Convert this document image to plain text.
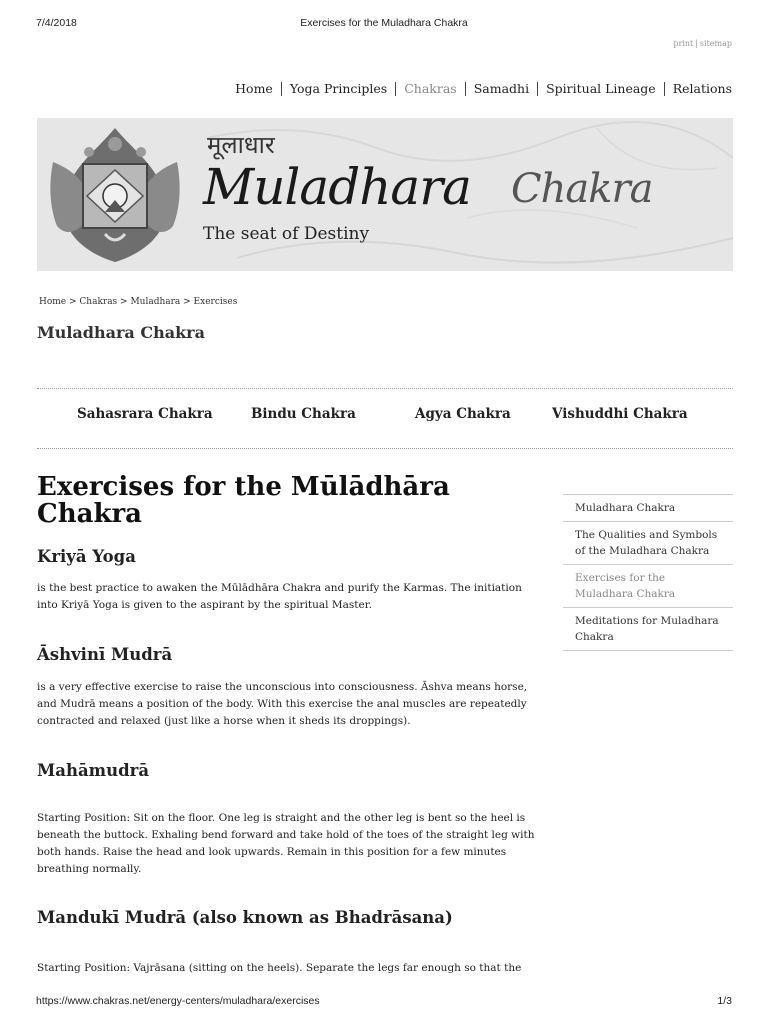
7/4/2018	Exercises for the Muladhara Chakra
print | sitemap
Home	Yoga Principles	Chakras	Samadhi	Spiritual Lineage	Relations
मूलाधार
Muladhara Chakra
The seat of Destiny
Home > Chakras > Muladhara > Exercises
Muladhara Chakra
Sahasrara Chakra	Bindu Chakra	Agya Chakra	Vishuddhi Chakra
Exercises for the Mūlādhāra Chakra
Kriyā Yoga

is the best practice to awaken the Mūlādhāra Chakra and purify the Karmas. The initiation into Kriyā Yoga is given to the aspirant by the spiritual Master.

Āshvinī Mudrā

is a very effective exercise to raise the unconscious into consciousness. Āshva means horse, and Mudrā means a position of the body. With this exercise the anal muscles are repeatedly contracted and relaxed (just like a horse when it sheds its droppings).

Mahāmudrā

Starting Position: Sit on the floor. One leg is straight and the other leg is bent so the heel is beneath the buttock. Exhaling bend forward and take hold of the toes of the straight leg with both hands. Raise the head and look upwards. Remain in this position for a few minutes breathing normally.

Mandukī Mudrā (also known as Bhadrāsana)

Starting Position: Vajrāsana (sitting on the heels). Separate the legs far enough so that the

Muladhara Chakra
The Qualities and Symbols of the Muladhara Chakra
Exercises for the Muladhara Chakra
Meditations for Muladhara Chakra
https://www.chakras.net/energy-centers/muladhara/exercises	1/3
